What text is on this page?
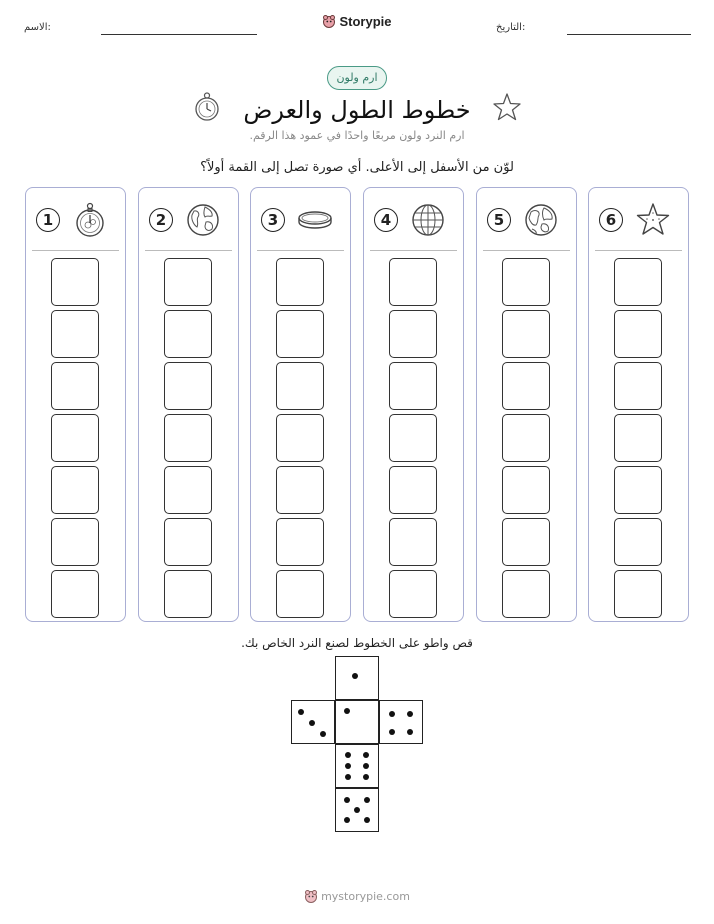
الاسم:	Storypie	التاريخ:
ارم ولون
خطوط الطول والعرض
ارم النرد ولون مربعًا واحدًا في عمود هذا الرقم.
لوّن من الأسفل إلى الأعلى. أي صورة تصل إلى القمة أولاً؟
1	2	3	4	5	6
قص واطو على الخطوط لصنع النرد الخاص بك.
mystorypie.com
